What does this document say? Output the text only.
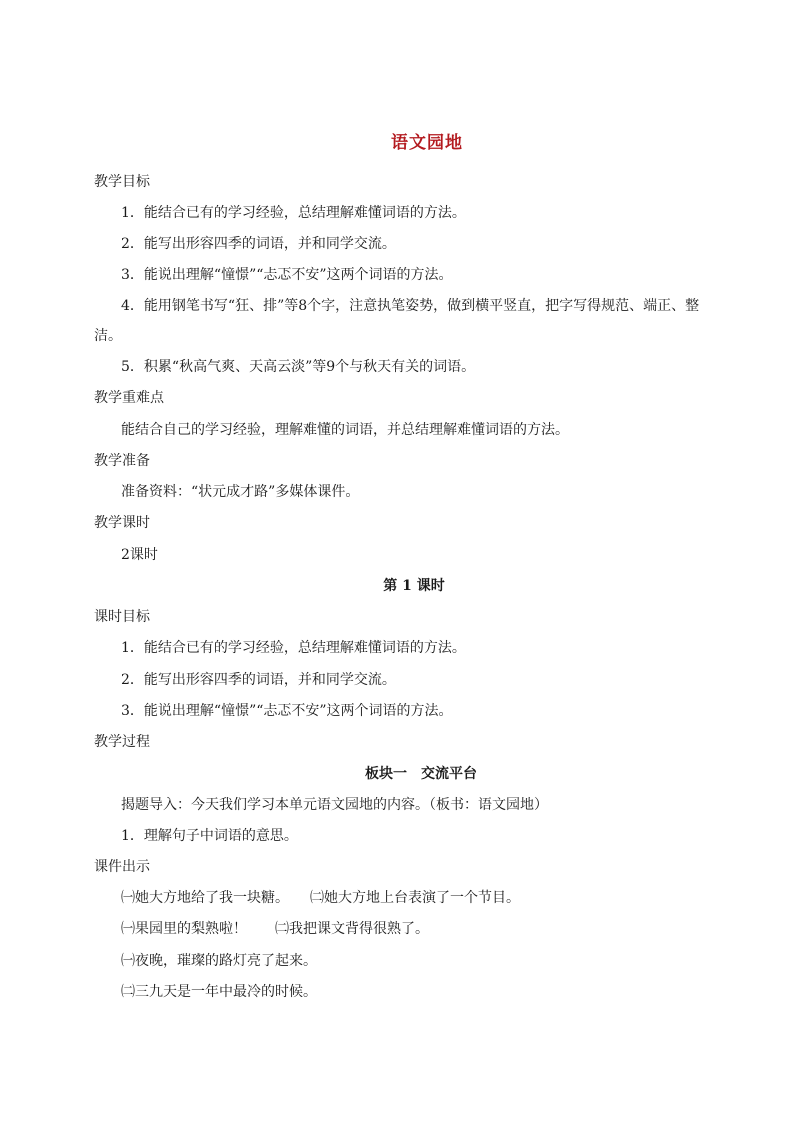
语文园地
教学目标
1．能结合已有的学习经验，总结理解难懂词语的方法。
2．能写出形容四季的词语，并和同学交流。
3．能说出理解“憧憬”“忐忑不安”这两个词语的方法。
4．能用钢笔书写“狂、排”等8个字，注意执笔姿势，做到横平竖直，把字写得规范、端正、整
洁。
5．积累“秋高气爽、天高云淡”等9个与秋天有关的词语。
教学重难点
能结合自己的学习经验，理解难懂的词语，并总结理解难懂词语的方法。
教学准备
准备资料：“状元成才路”多媒体课件。
教学课时
2课时
第 1 课时
课时目标
1．能结合已有的学习经验，总结理解难懂词语的方法。
2．能写出形容四季的词语，并和同学交流。
3．能说出理解“憧憬”“忐忑不安”这两个词语的方法。
教学过程
板块一　交流平台
揭题导入：今天我们学习本单元语文园地的内容。（板书：语文园地）
1．理解句子中词语的意思。
课件出示
㈠她大方地给了我一块糖。　　㈡她大方地上台表演了一个节目。
㈠果园里的梨熟啦！　　㈡我把课文背得很熟了。
㈠夜晚，璀璨的路灯亮了起来。
㈡三九天是一年中最冷的时候。
